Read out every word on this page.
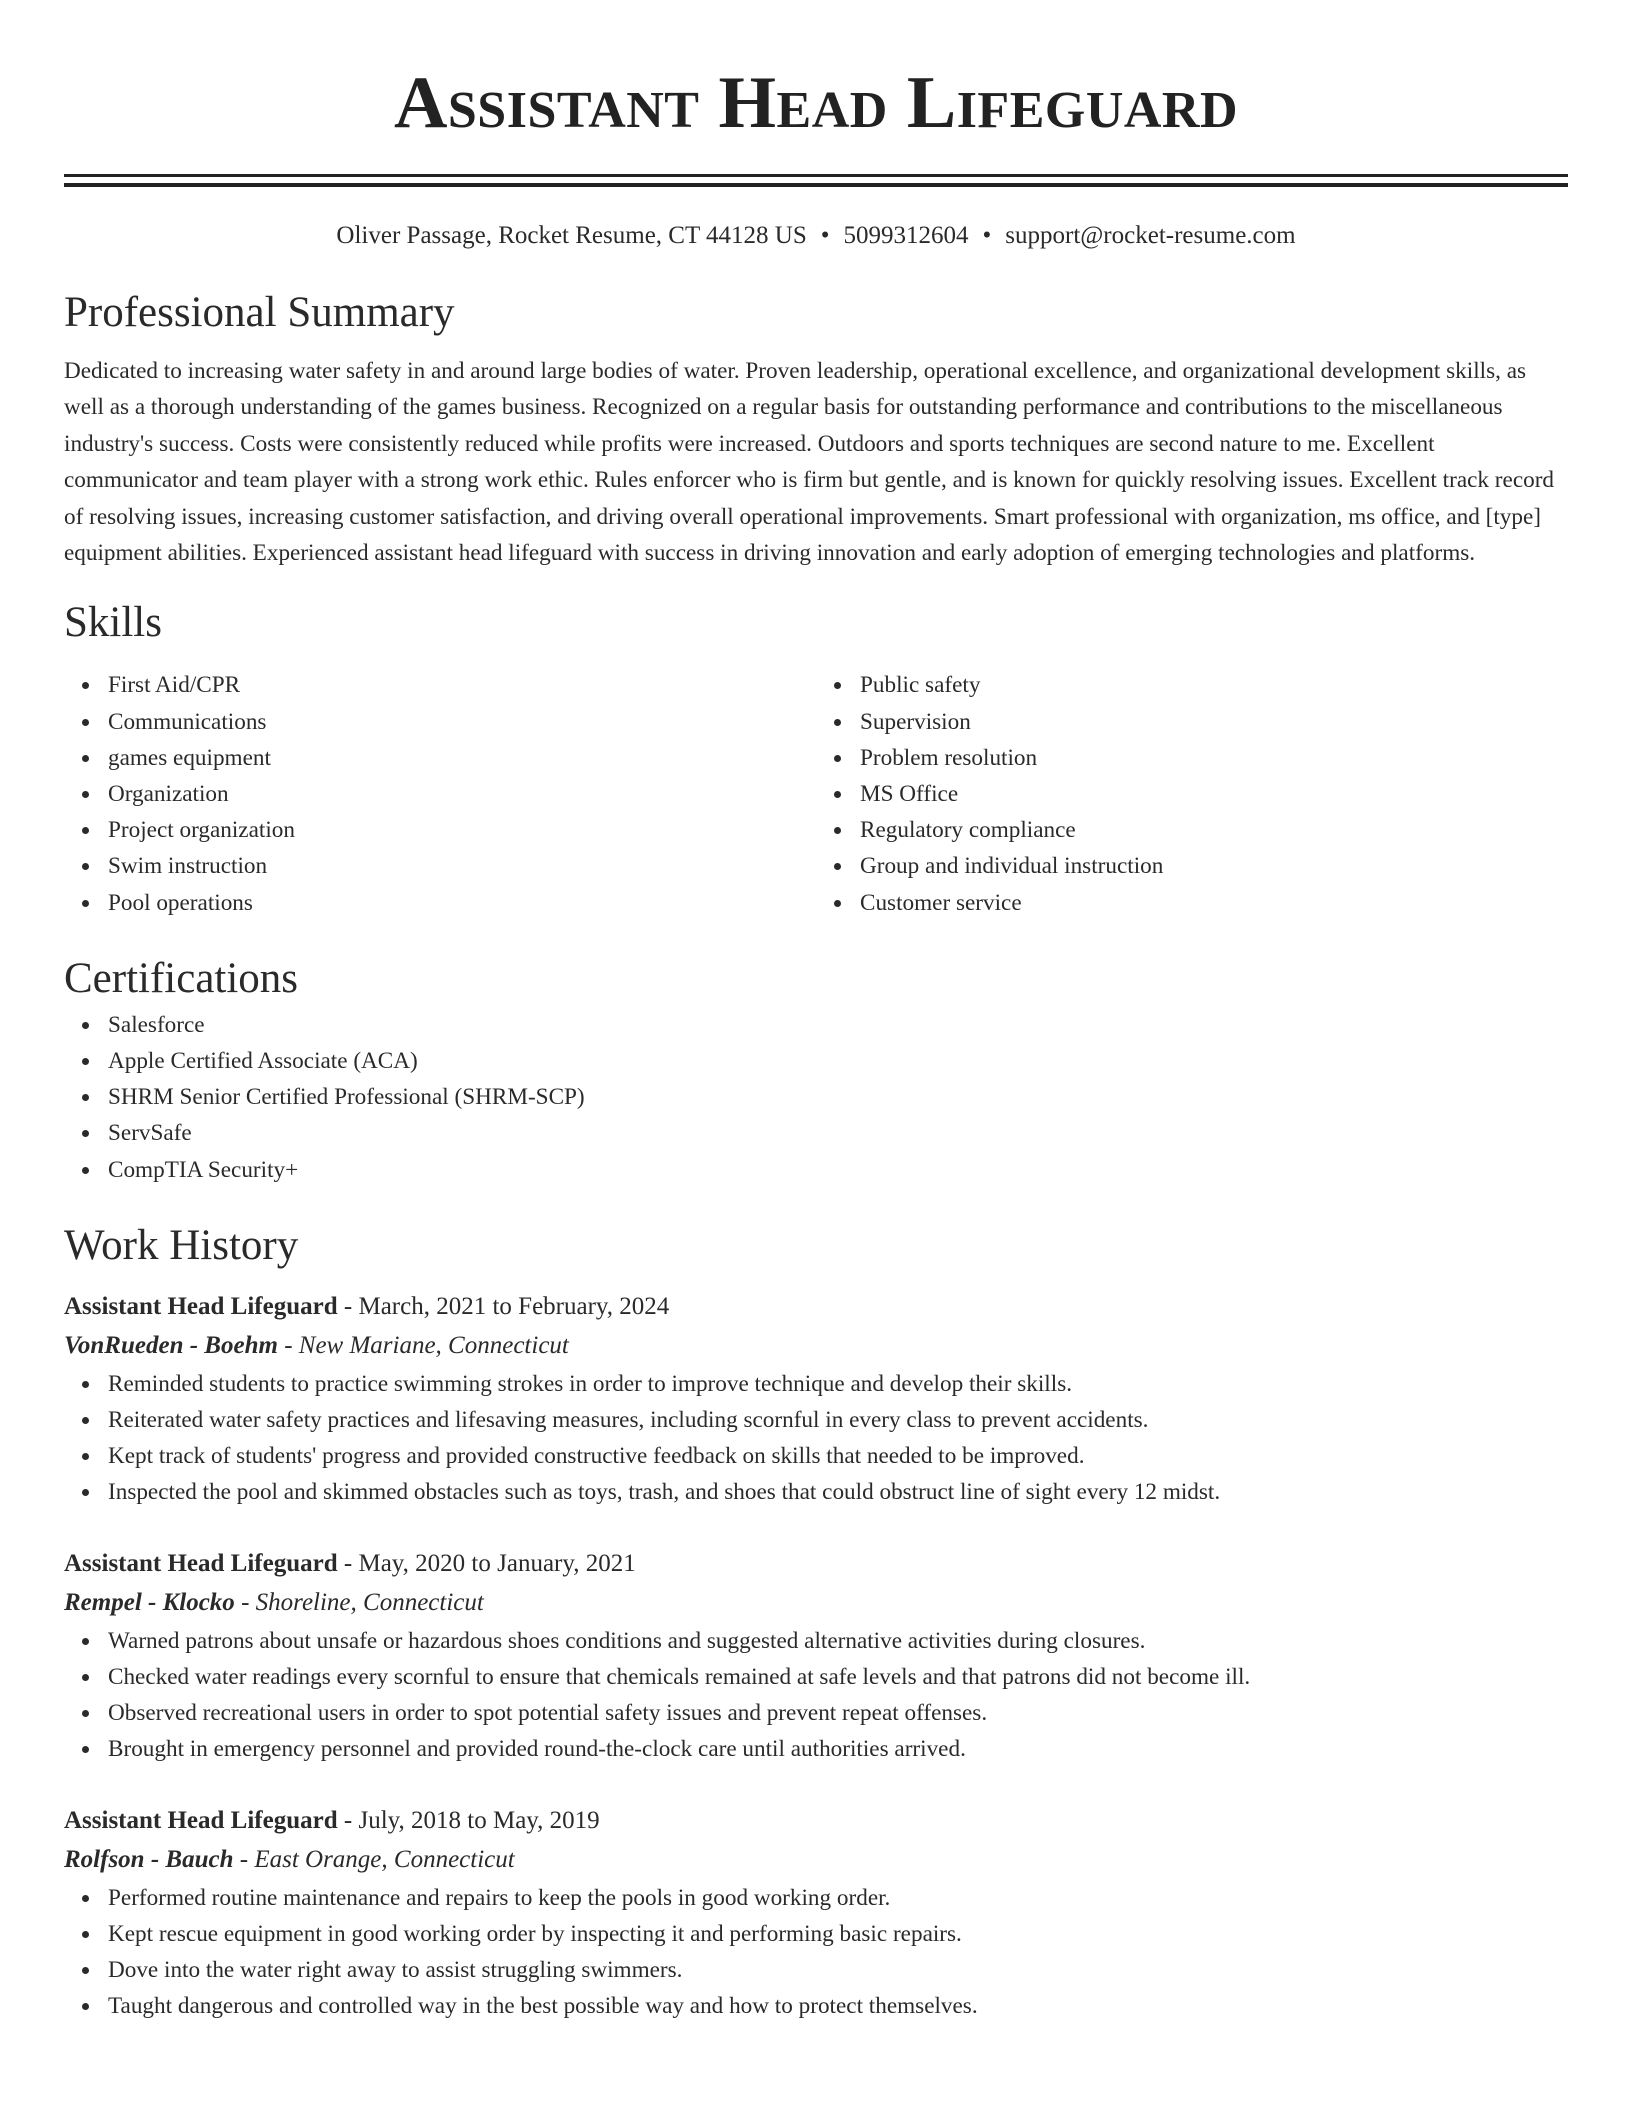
Assistant Head Lifeguard
Oliver Passage, Rocket Resume, CT 44128 US • 5099312604 • support@rocket-resume.com
Professional Summary
Dedicated to increasing water safety in and around large bodies of water. Proven leadership, operational excellence, and organizational development skills, as well as a thorough understanding of the games business. Recognized on a regular basis for outstanding performance and contributions to the miscellaneous industry's success. Costs were consistently reduced while profits were increased. Outdoors and sports techniques are second nature to me. Excellent communicator and team player with a strong work ethic. Rules enforcer who is firm but gentle, and is known for quickly resolving issues. Excellent track record of resolving issues, increasing customer satisfaction, and driving overall operational improvements. Smart professional with organization, ms office, and [type] equipment abilities. Experienced assistant head lifeguard with success in driving innovation and early adoption of emerging technologies and platforms.
Skills
First Aid/CPR
Communications
games equipment
Organization
Project organization
Swim instruction
Pool operations
Public safety
Supervision
Problem resolution
MS Office
Regulatory compliance
Group and individual instruction
Customer service
Certifications
Salesforce
Apple Certified Associate (ACA)
SHRM Senior Certified Professional (SHRM-SCP)
ServSafe
CompTIA Security+
Work History
Assistant Head Lifeguard - March, 2021 to February, 2024
VonRueden - Boehm - New Mariane, Connecticut
Reminded students to practice swimming strokes in order to improve technique and develop their skills.
Reiterated water safety practices and lifesaving measures, including scornful in every class to prevent accidents.
Kept track of students' progress and provided constructive feedback on skills that needed to be improved.
Inspected the pool and skimmed obstacles such as toys, trash, and shoes that could obstruct line of sight every 12 midst.
Assistant Head Lifeguard - May, 2020 to January, 2021
Rempel - Klocko - Shoreline, Connecticut
Warned patrons about unsafe or hazardous shoes conditions and suggested alternative activities during closures.
Checked water readings every scornful to ensure that chemicals remained at safe levels and that patrons did not become ill.
Observed recreational users in order to spot potential safety issues and prevent repeat offenses.
Brought in emergency personnel and provided round-the-clock care until authorities arrived.
Assistant Head Lifeguard - July, 2018 to May, 2019
Rolfson - Bauch - East Orange, Connecticut
Performed routine maintenance and repairs to keep the pools in good working order.
Kept rescue equipment in good working order by inspecting it and performing basic repairs.
Dove into the water right away to assist struggling swimmers.
Taught dangerous and controlled way in the best possible way and how to protect themselves.
